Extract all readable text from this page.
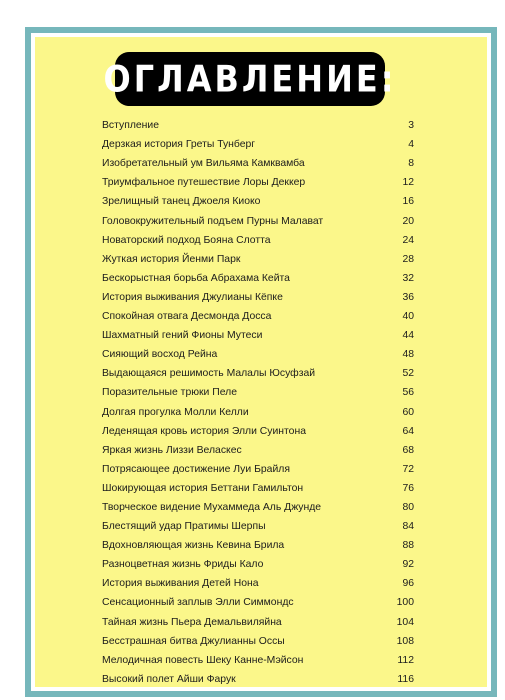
ОГЛАВЛЕНИЕ:
Вступление	3
Дерзкая история Греты Тунберг	4
Изобретательный ум Вильяма Камквамба	8
Триумфальное путешествие Лоры Деккер	12
Зрелищный танец Джоеля Киоко	16
Головокружительный подъем Пурны Малават	20
Новаторский подход Бояна Слотта	24
Жуткая история Йенми Парк	28
Бескорыстная борьба Абрахама Кейта	32
История выживания Джулианы Кёпке	36
Спокойная отвага Десмонда Досса	40
Шахматный гений Фионы Мутеси	44
Сияющий восход Рейна	48
Выдающаяся решимость Малалы Юсуфзай	52
Поразительные трюки Пеле	56
Долгая прогулка Молли Келли	60
Леденящая кровь история Элли Суинтона	64
Яркая жизнь Лиззи Веласкес	68
Потрясающее достижение Луи Брайля	72
Шокирующая история Беттани Гамильтон	76
Творческое видение Мухаммеда Аль Джунде	80
Блестящий удар Пратимы Шерпы	84
Вдохновляющая жизнь Кевина Брила	88
Разноцветная жизнь Фриды Кало	92
История выживания Детей Нона	96
Сенсационный заплыв Элли Симмондс	100
Тайная жизнь Пьера Демальвиляйна	104
Бесстрашная битва Джулианны Оссы	108
Мелодичная повесть Шеку Канне-Мэйсон	112
Высокий полет Айши Фарук	116
